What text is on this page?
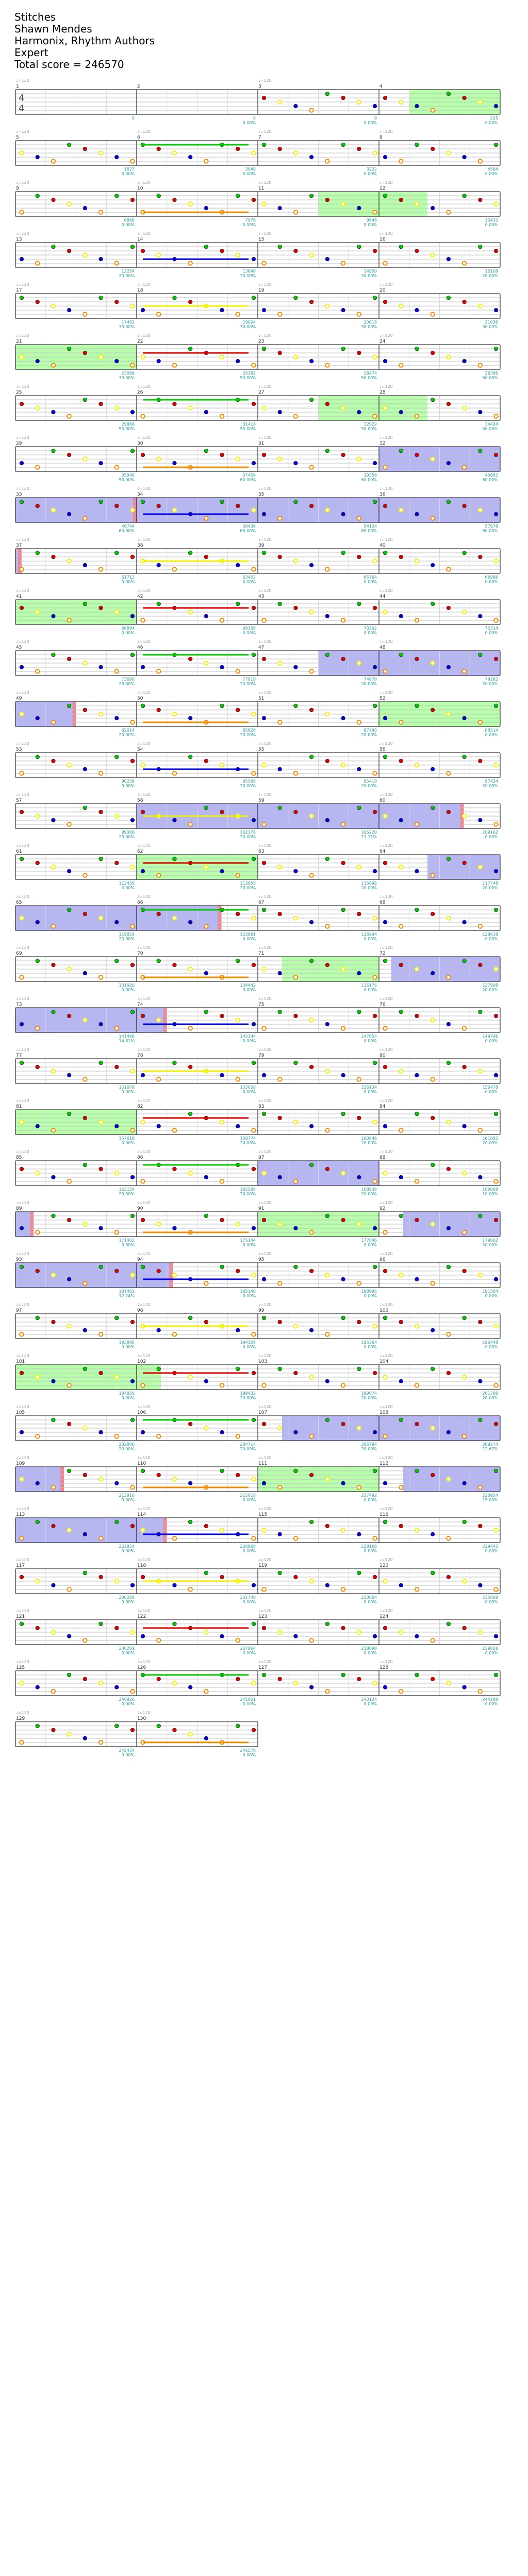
Stitches
Shawn Mendes
Harmonix, Rhythm Authors
Expert
Total score = 246570
1
♩=120
0
2
0
0.00%
3
♩=120
0
0.00%
4
225
0.00%
5
♩=120
1827
0.00%
6
♩=120
3048
0.00%
7
♩=120
3222
0.00%
8
♩=120
4584
0.00%
9
♩=120
6886
0.00%
10
♩=120
7976
0.00%
11
♩=120
9648
0.00%
12
♩=120
10432
0.00%
13
♩=120
12254
20.00%
14
♩=120
13648
20.00%
15
♩=120
14950
20.00%
16
♩=120
16108
20.00%
17
♩=120
17482
30.00%
18
♩=120
19004
30.00%
19
♩=120
20618
30.00%
20
♩=120
21036
30.00%
21
♩=120
23098
30.00%
22
♩=120
25382
50.00%
23
♩=120
26874
50.00%
24
♩=120
28386
50.00%
25
♩=120
29866
50.00%
26
♩=120
31418
50.00%
27
♩=120
32922
50.00%
28
♩=120
34434
50.00%
29
♩=120
35946
50.00%
30
♩=120
37458
60.00%
31
♩=120
39358
60.00%
32
♩=120
40882
60.00%
33
♩=120
46744
60.00%
34
♩=120
50436
60.00%
35
♩=120
54134
60.00%
36
♩=120
57678
60.00%
37
♩=120
61712
0.00%
38
♩=120
63402
0.00%
39
♩=120
65764
0.00%
40
♩=120
66986
0.00%
41
♩=120
68894
0.00%
42
♩=120
69338
0.00%
43
♩=120
70302
0.00%
44
♩=120
72314
0.00%
45
♩=120
73690
20.00%
46
♩=120
77918
20.00%
47
♩=120
74878
20.00%
48
♩=120
79282
20.00%
49
♩=120
82014
20.00%
50
♩=120
85828
20.00%
51
♩=120
87498
20.00%
52
♩=120
88514
0.00%
53
♩=120
90238
0.00%
54
♩=120
95560
20.00%
55
♩=120
95410
20.00%
56
♩=120
97434
20.00%
57
♩=120
99386
20.00%
58
♩=120
102178
20.00%
59
♩=120
105220
11.11%
60
♩=120
109162
0.00%
61
♩=120
112459
0.00%
62
♩=120
113958
20.00%
63
♩=120
115896
20.00%
64
♩=120
117748
20.00%
65
♩=120
119850
20.00%
66
♩=120
123981
0.00%
67
♩=120
126994
0.00%
68
♩=120
128618
0.00%
69
♩=120
131500
0.00%
70
♩=120
134442
0.00%
71
♩=120
136176
0.00%
72
♩=120
137908
20.00%
73
♩=120
141498
14.81%
74
♩=120
145344
0.00%
75
♩=120
147654
0.00%
76
♩=120
149786
0.00%
77
♩=120
151078
0.00%
78
♩=120
155058
0.00%
79
♩=120
156134
0.00%
80
♩=120
156478
0.00%
81
♩=120
157618
0.00%
82
♩=120
158774
20.00%
83
♩=120
160846
20.00%
84
♩=120
161893
20.00%
85
♩=120
163154
20.00%
86
♩=120
165588
20.00%
87
♩=120
168936
20.00%
88
♩=120
169868
10.00%
89
♩=120
171402
0.00%
90
♩=120
175144
0.00%
91
♩=120
177846
0.00%
92
♩=120
179602
20.00%
93
♩=120
181462
12.24%
94
♩=120
185146
0.00%
95
♩=120
188996
0.00%
96
♩=120
191564
0.00%
97
♩=120
193886
0.00%
98
♩=120
194158
0.00%
99
♩=120
195364
0.00%
100
♩=120
196448
0.00%
101
♩=120
197858
0.00%
102
♩=120
199432
20.00%
103
♩=120
199874
20.00%
104
♩=120
201708
20.00%
105
♩=120
202806
20.00%
106
♩=120
204714
20.00%
107
♩=120
206784
20.00%
108
♩=120
209274
12.67%
109
♩=120
213816
0.00%
110
♩=120
215618
0.00%
111
♩=120
217492
0.00%
112
♩=120
220954
15.00%
113
♩=120
222954
0.00%
114
♩=120
226868
0.00%
115
♩=120
228168
0.00%
116
♩=120
229442
0.00%
117
♩=120
230268
0.00%
118
♩=120
231748
0.00%
119
♩=120
233064
0.00%
120
♩=120
235868
0.00%
121
♩=120
236281
0.00%
122
♩=120
237964
0.00%
123
♩=120
238898
0.00%
124
♩=120
239828
0.00%
125
♩=120
240926
0.00%
126
♩=120
241861
0.00%
127
♩=120
243124
0.00%
128
♩=120
244288
0.00%
129
♩=120
245434
0.00%
130
♩=120
246570
0.00%
4
4
